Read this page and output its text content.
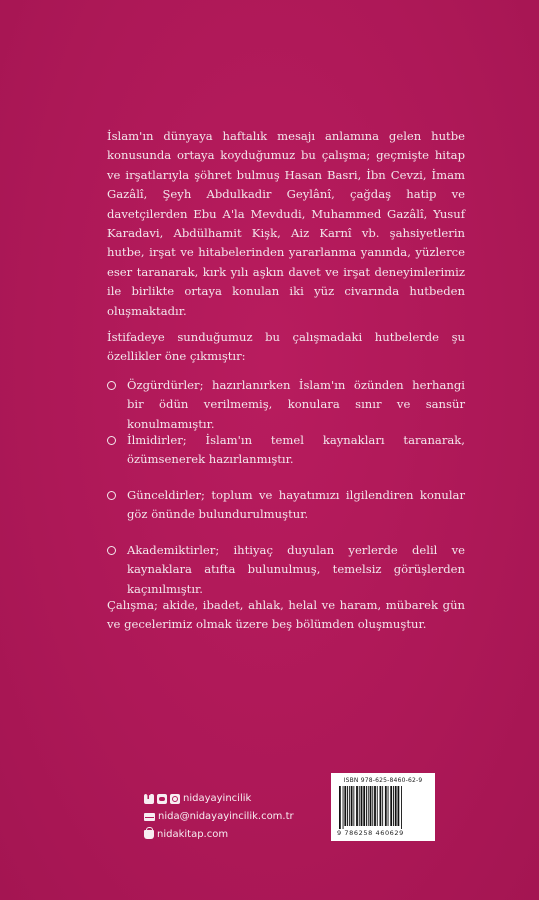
İslam'ın dünyaya haftalık mesajı anlamına gelen hutbe konusunda ortaya koyduğumuz bu çalışma; geçmişte hitap ve irşatlarıyla şöhret bulmuş Hasan Basri, İbn Cevzi, İmam Gazâlî, Şeyh Abdulkadir Geylânî, çağdaş hatip ve davetçilerden Ebu A'la Mevdudi, Muhammed Gazâlî, Yusuf Karadavi, Abdülhamit Kişk, Aiz Karnî vb. şahsiyetlerin hutbe, irşat ve hitabelerinden yararlanma yanında, yüzlerce eser taranarak, kırk yılı aşkın davet ve irşat deneyimlerimiz ile birlikte ortaya konulan iki yüz civarında hutbeden oluşmaktadır.

İstifadeye sunduğumuz bu çalışmadaki hutbelerde şu özellikler öne çıkmıştır:

Özgürdürler; hazırlanırken İslam'ın özünden herhangi bir ödün verilmemiş, konulara sınır ve sansür konulmamıştır.

İlmidirler; İslam'ın temel kaynakları taranarak, özümsenerek hazırlanmıştır.

Günceldirler; toplum ve hayatımızı ilgilendiren konular göz önünde bulundurulmuştur.

Akademiktirler; ihtiyaç duyulan yerlerde delil ve kaynaklara atıfta bulunulmuş, temelsiz görüşlerden kaçınılmıştır.

Çalışma; akide, ibadet, ahlak, helal ve haram, mübarek gün ve gecelerimiz olmak üzere beş bölümden oluşmuştur.

f
nidayayincilik
nida@nidayayincilik.com.tr
nidakitap.com
ISBN 978-625-8460-62-9
9 786258 460629
